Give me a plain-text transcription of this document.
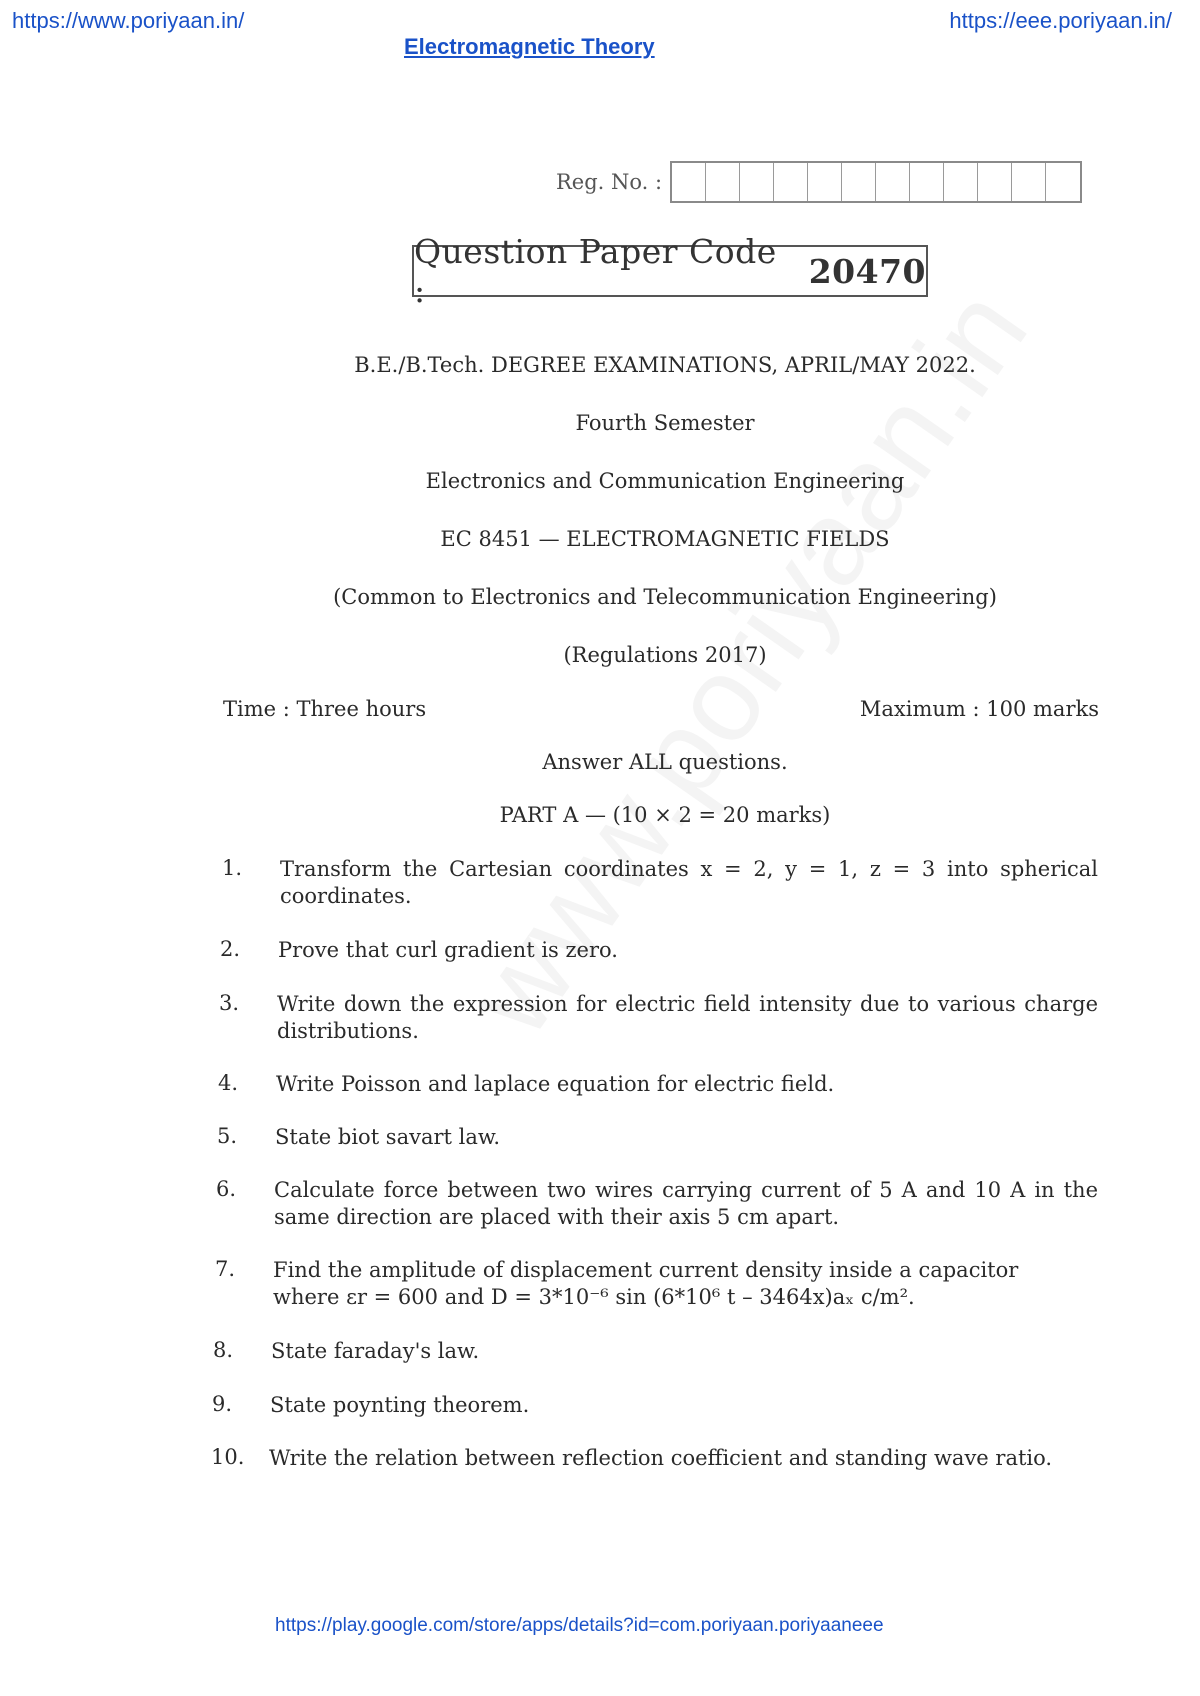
https://www.poriyaan.in/	https://eee.poriyaan.in/
Electromagnetic Theory
Reg. No. :
Question Paper Code :	20470
B.E./B.Tech. DEGREE EXAMINATIONS, APRIL/MAY 2022.
Fourth Semester
Electronics and Communication Engineering
EC 8451 — ELECTROMAGNETIC FIELDS
(Common to Electronics and Telecommunication Engineering)
(Regulations 2017)
Time : Three hours	Maximum : 100 marks
Answer ALL questions.
PART A — (10 × 2 = 20 marks)
1. Transform the Cartesian coordinates x = 2, y = 1, z = 3 into spherical coordinates.
2. Prove that curl gradient is zero.
3. Write down the expression for electric field intensity due to various charge distributions.
4. Write Poisson and laplace equation for electric field.
5. State biot savart law.
6. Calculate force between two wires carrying current of 5 A and 10 A in the same direction are placed with their axis 5 cm apart.
7. Find the amplitude of displacement current density inside a capacitor where εr = 600 and D = 3*10⁻⁶ sin (6*10⁶ t – 3464x)aₓ c/m².
8. State faraday's law.
9. State poynting theorem.
10. Write the relation between reflection coefficient and standing wave ratio.
https://play.google.com/store/apps/details?id=com.poriyaan.poriyaaneee
